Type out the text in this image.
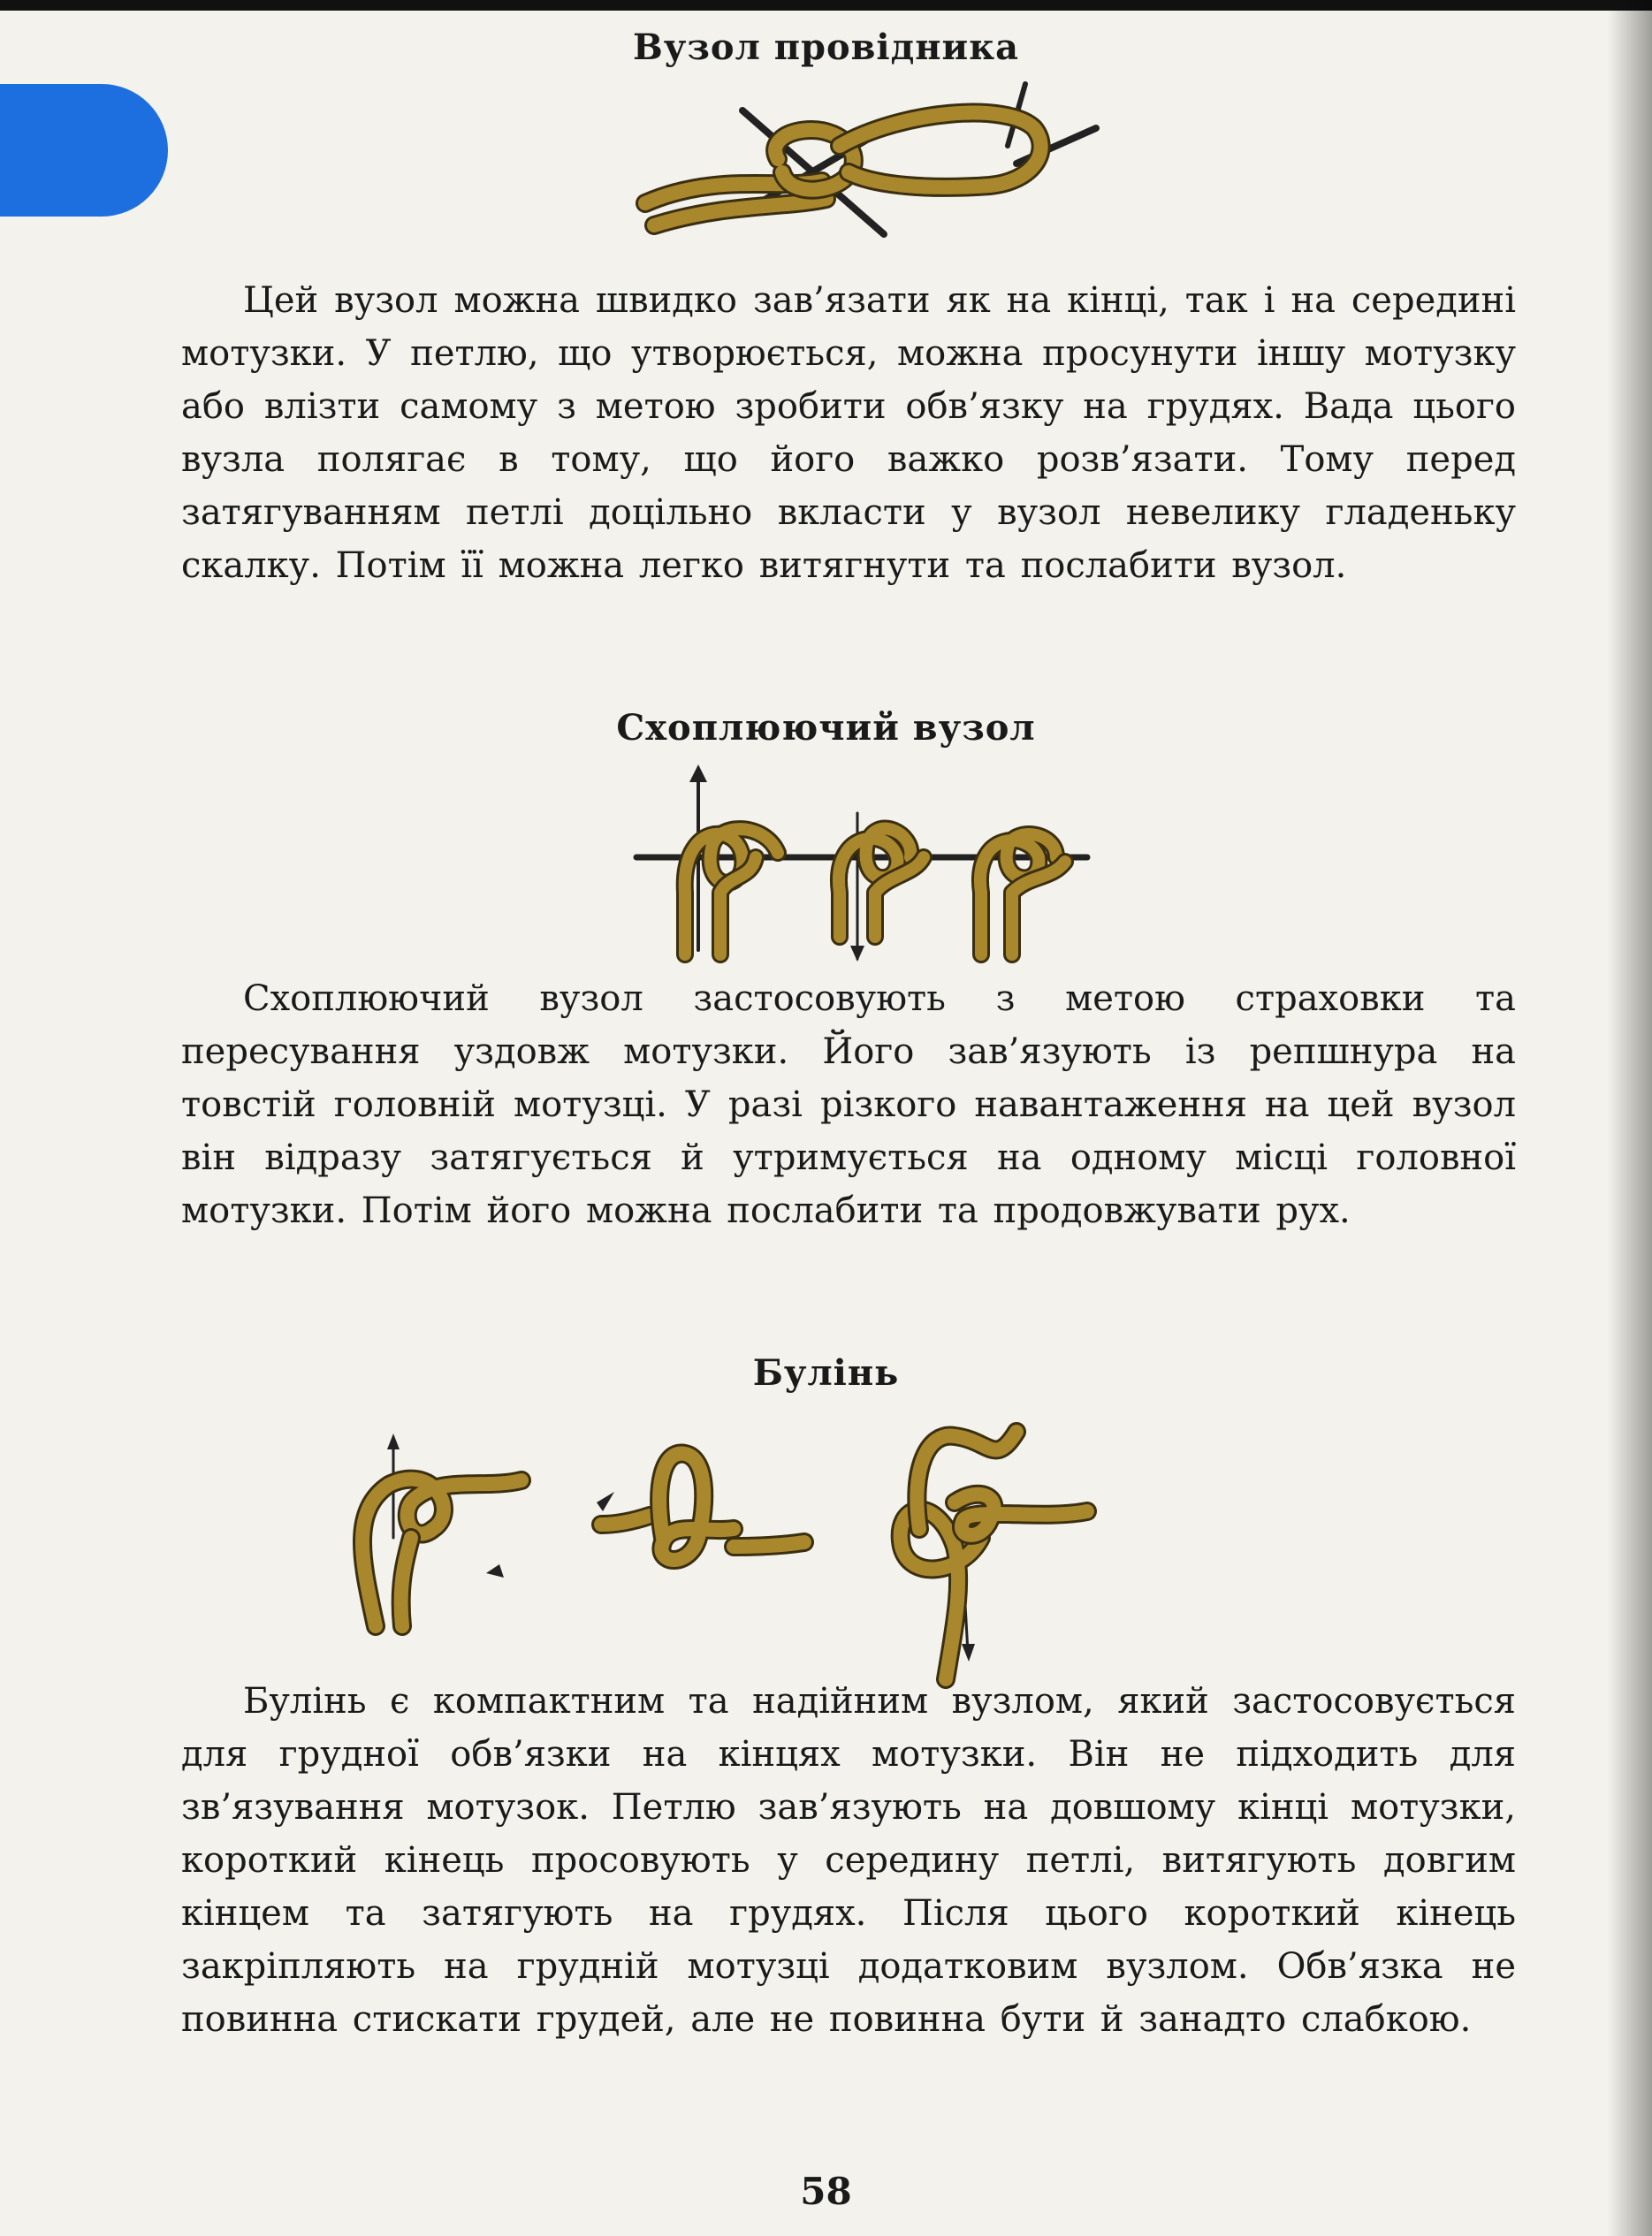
Вузол провідника

Цей вузол можна швидко зав’язати як на кінці, так і на середині мотузки. У петлю, що утворюється, можна просунути іншу мотузку або влізти самому з метою зробити обв’язку на грудях. Вада цього вузла полягає в тому, що його важко розв’язати. Тому перед затягуванням петлі доцільно вкласти у вузол невелику гладеньку скалку. Потім її можна легко витягнути та послабити вузол.

Схоплюючий вузол

Схоплюючий вузол застосовують з метою страховки та пересування уздовж мотузки. Його зав’язують із репшнура на товстій головній мотузці. У разі різкого навантаження на цей вузол він відразу затягується й утримується на одному місці головної мотузки. Потім його можна послабити та продовжувати рух.

Булінь

Булінь є компактним та надійним вузлом, який застосовується для грудної обв’язки на кінцях мотузки. Він не підходить для зв’язування мотузок. Петлю зав’язують на довшому кінці мотузки, короткий кінець просовують у середину петлі, витягують довгим кінцем та затягують на грудях. Після цього короткий кінець закріпляють на грудній мотузці додатковим вузлом. Обв’язка не повинна стискати грудей, але не повинна бути й занадто слабкою.

58
